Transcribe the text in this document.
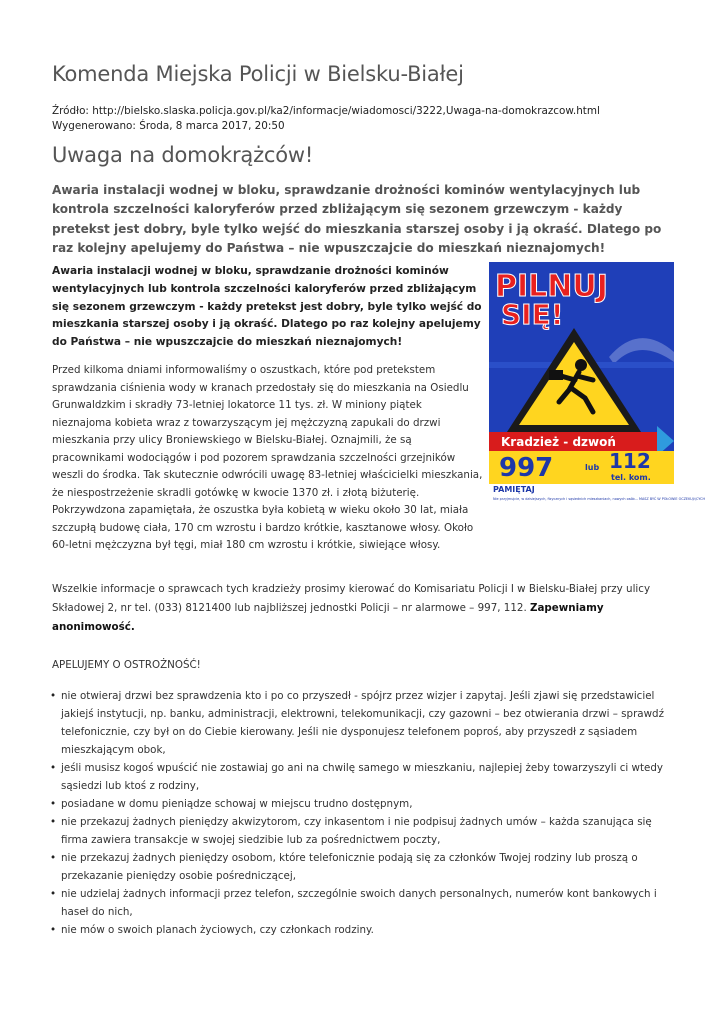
Komenda Miejska Policji w Bielsku-Białej
Źródło: http://bielsko.slaska.policja.gov.pl/ka2/informacje/wiadomosci/3222,Uwaga-na-domokrazcow.html
Wygenerowano: Środa, 8 marca 2017, 20:50
Uwaga na domokrążców!
Awaria instalacji wodnej w bloku, sprawdzanie drożności kominów wentylacyjnych lub kontrola szczelności kaloryferów przed zbliżającym się sezonem grzewczym - każdy pretekst jest dobry, byle tylko wejść do mieszkania starszej osoby i ją okraść. Dlatego po raz kolejny apelujemy do Państwa – nie wpuszczajcie do mieszkań nieznajomych!
Awaria instalacji wodnej w bloku, sprawdzanie drożności kominów wentylacyjnych lub kontrola szczelności kaloryferów przed zbliżającym się sezonem grzewczym - każdy pretekst jest dobry, byle tylko wejść do mieszkania starszej osoby i ją okraść. Dlatego po raz kolejny apelujemy do Państwa – nie wpuszczajcie do mieszkań nieznajomych!
Przed kilkoma dniami informowaliśmy o oszustkach, które pod pretekstem sprawdzania ciśnienia wody w kranach przedostały się do mieszkania na Osiedlu Grunwaldzkim i skradły 73-letniej lokatorce 11 tys. zł. W miniony piątek nieznajoma kobieta wraz z towarzyszącym jej mężczyzną zapukali do drzwi mieszkania przy ulicy Broniewskiego w Bielsku-Białej. Oznajmili, że są pracownikami wodociągów i pod pozorem sprawdzania szczelności grzejników weszli do środka. Tak skutecznie odwrócili uwagę 83-letniej właścicielki mieszkania, że niespostrzeżenie skradli gotówkę w kwocie 1370 zł. i złotą biżuterię. Pokrzywdzona zapamiętała, że oszustka była kobietą w wieku około 30 lat, miała szczupłą budowę ciała, 170 cm wzrostu i bardzo krótkie, kasztanowe włosy. Około 60-letni mężczyzna był tęgi, miał 180 cm wzrostu i krótkie, siwiejące włosy.
PILNUJ
SIĘ!
Kradzież - dzwoń
997	lub 112
tel. kom.
PAMIĘTAJ
Nie przyjmujcie, w dzisiejszych, fizycznych i sąsiednich mieszkaniach, nowych osób... MASZ BYĆ W POŁOWIE OCZEKUJĄCYCH
Wszelkie informacje o sprawcach tych kradzieży prosimy kierować do Komisariatu Policji I w Bielsku-Białej przy ulicy Składowej 2, nr tel. (033) 8121400 lub najbliższej jednostki Policji – nr alarmowe – 997, 112. Zapewniamy anonimowość.
APELUJEMY O OSTROŻNOŚĆ!
• nie otwieraj drzwi bez sprawdzenia kto i po co przyszedł - spójrz przez wizjer i zapytaj. Jeśli zjawi się przedstawiciel jakiejś instytucji, np. banku, administracji, elektrowni, telekomunikacji, czy gazowni – bez otwierania drzwi – sprawdź telefonicznie, czy był on do Ciebie kierowany. Jeśli nie dysponujesz telefonem poproś, aby przyszedł z sąsiadem mieszkającym obok,
• jeśli musisz kogoś wpuścić nie zostawiaj go ani na chwilę samego w mieszkaniu, najlepiej żeby towarzyszyli ci wtedy sąsiedzi lub ktoś z rodziny,
• posiadane w domu pieniądze schowaj w miejscu trudno dostępnym,
• nie przekazuj żadnych pieniędzy akwizytorom, czy inkasentom i nie podpisuj żadnych umów – każda szanująca się firma zawiera transakcje w swojej siedzibie lub za pośrednictwem poczty,
• nie przekazuj żadnych pieniędzy osobom, które telefonicznie podają się za członków Twojej rodziny lub proszą o przekazanie pieniędzy osobie pośredniczącej,
• nie udzielaj żadnych informacji przez telefon, szczególnie swoich danych personalnych, numerów kont bankowych i haseł do nich,
• nie mów o swoich planach życiowych, czy członkach rodziny.
